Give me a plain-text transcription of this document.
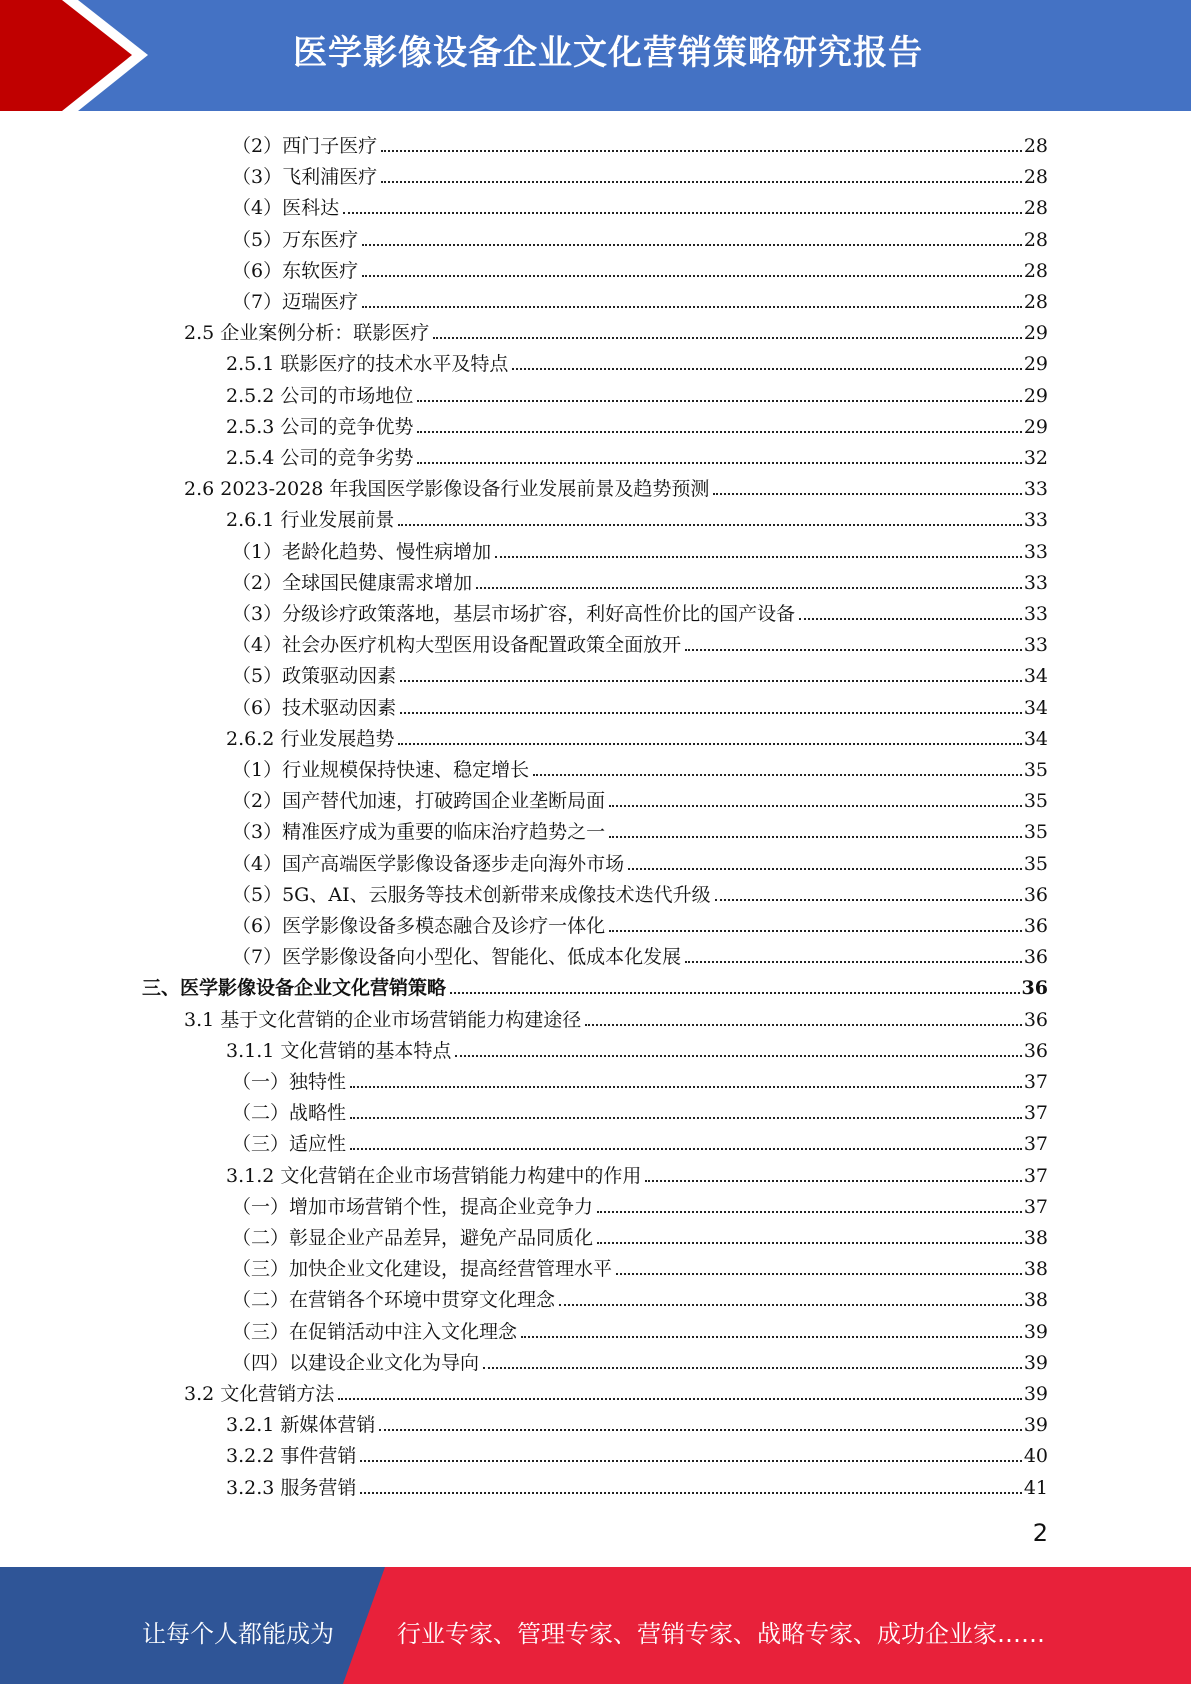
医学影像设备企业文化营销策略研究报告
（2）西门子医疗	28
（3）飞利浦医疗	28
（4）医科达	28
（5）万东医疗	28
（6）东软医疗	28
（7）迈瑞医疗	28
2.5 企业案例分析：联影医疗	29
2.5.1 联影医疗的技术水平及特点	29
2.5.2 公司的市场地位	29
2.5.3 公司的竞争优势	29
2.5.4 公司的竞争劣势	32
2.6 2023-2028 年我国医学影像设备行业发展前景及趋势预测	33
2.6.1 行业发展前景	33
（1）老龄化趋势、慢性病增加	33
（2）全球国民健康需求增加	33
（3）分级诊疗政策落地，基层市场扩容，利好高性价比的国产设备	33
（4）社会办医疗机构大型医用设备配置政策全面放开	33
（5）政策驱动因素	34
（6）技术驱动因素	34
2.6.2 行业发展趋势	34
（1）行业规模保持快速、稳定增长	35
（2）国产替代加速，打破跨国企业垄断局面	35
（3）精准医疗成为重要的临床治疗趋势之一	35
（4）国产高端医学影像设备逐步走向海外市场	35
（5）5G、AI、云服务等技术创新带来成像技术迭代升级	36
（6）医学影像设备多模态融合及诊疗一体化	36
（7）医学影像设备向小型化、智能化、低成本化发展	36
三、医学影像设备企业文化营销策略	36
3.1 基于文化营销的企业市场营销能力构建途径	36
3.1.1 文化营销的基本特点	36
（一）独特性	37
（二）战略性	37
（三）适应性	37
3.1.2 文化营销在企业市场营销能力构建中的作用	37
（一）增加市场营销个性，提高企业竞争力	37
（二）彰显企业产品差异，避免产品同质化	38
（三）加快企业文化建设，提高经营管理水平	38
（二）在营销各个环境中贯穿文化理念	38
（三）在促销活动中注入文化理念	39
（四）以建设企业文化为导向	39
3.2 文化营销方法	39
3.2.1 新媒体营销	39
3.2.2 事件营销	40
3.2.3 服务营销	41
2
让每个人都能成为	行业专家、管理专家、营销专家、战略专家、成功企业家……
